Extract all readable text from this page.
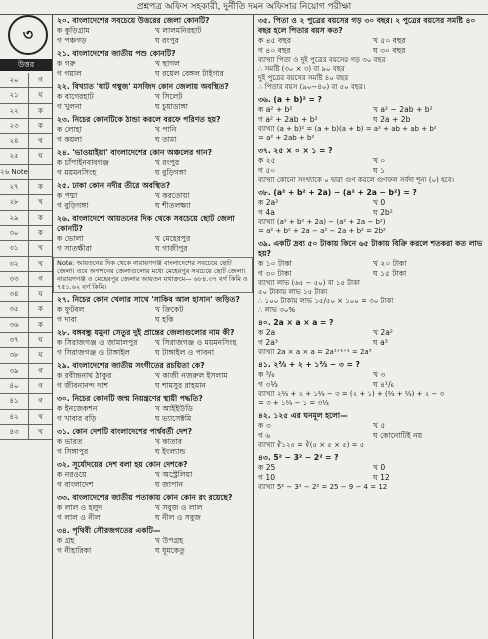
প্রশ্নপত্র অফিস সহকারী, দুর্নীতি দমন অফিসার নিয়োগ পরীক্ষা
৩
উত্তর
২০	গ
২১	ঘ
২২	ক
২৩	ক
২৪	খ
২৫	ঘ
২৬ Note
২৭	ক
২৮	খ
২৯	ক
৩০	ক
৩১	খ
৩২	খ
৩৩	গ
৩৪	ঘ
৩৫	ক
৩৬	ক
৩৭	ঘ
৩৮	ঘ
৩৯	গ
৪০	গ
৪১	গ
৪২	খ
৪৩	খ
২০. বাংলাদেশের সবচেয়ে উত্তরের জেলা কোনটি?
ক কুড়িগ্রাম	খ লালমনিরহাট
গ পঞ্চগড়	ঘ রংপুর
২১. বাংলাদেশের জাতীয় পশু কোনটি?
ক গরু	খ ছাগল
গ গয়াল	ঘ রয়েল বেঙ্গল টাইগার
২২. বিখ্যাত 'ষাট গম্বুজ' মসজিদ কোন জেলায় অবস্থিত?
ক বাগেরহাট	খ সিলেট
গ খুলনা	ঘ চুয়াডাঙ্গা
২৩. নিচের কোনটিকে ঠান্ডা করলে বরফে পরিণত হয়?
ক লোহা	খ পানি
গ কয়লা	ঘ তামা
২৪. 'ভাওয়াইয়া' বাংলাদেশের কোন অঞ্চলের গান?
ক চাঁপাইনবাবগঞ্জ	খ রংপুর
গ ময়মনসিংহ	ঘ বুড়িগঙ্গা
২৫. ঢাকা কোন নদীর তীরে অবস্থিত?
ক পদ্মা	খ করতোয়া
গ বুড়িগঙ্গা	ঘ শীতলক্ষ্যা
২৬. বাংলাদেশে আয়তনের দিক থেকে সবচেয়ে ছোট জেলা কোনটি?
ক ভোলা	খ মেহেরপুর
গ সাতক্ষীরা	ঘ গাজীপুর
Note: আয়তনের দিক থেকে নারায়ণগঞ্জ বাংলাদেশের সবচেয়ে ছোট জেলা। তবে অপশনের জেলাগুলোর মধ্যে মেহেরপুর সবচেয়ে ছোট জেলা। নারায়ণগঞ্জ ও মেহেরপুর জেলার আয়তন যথাক্রমে— ৬৮৪.৩৭ বর্গ কিমি ও ৭৫১.৬২ বর্গ কিমি।
২৭. নিচের কোন খেলার সাথে 'সাকিব আল হাসান' জড়িত?
ক ফুটবল	খ ক্রিকেট
গ দাবা	ঘ হকি
২৮. বঙ্গবন্ধু যমুনা সেতুর দুই প্রান্তের জেলাগুলোর নাম কী?
ক সিরাজগঞ্জ ও জামালপুর	খ সিরাজগঞ্জ ও ময়মনসিংহ
গ সিরাজগঞ্জ ও টাঙ্গাইল	ঘ টাঙ্গাইল ও পাবনা
২৯. বাংলাদেশের জাতীয় সংগীতের রচয়িতা কে?
ক রবীন্দ্রনাথ ঠাকুর	খ কাজী নজরুল ইসলাম
গ জীবনানন্দ দাশ	ঘ শামসুর রাহমান
৩০. নিচের কোনটি জন্ম নিয়ন্ত্রণের স্থায়ী পদ্ধতি?
ক ইনজেকশন	খ আইইউডি
গ খাবার বড়ি	ঘ ভ্যাসেক্টমি
৩১. কোন দেশটি বাংলাদেশের পার্শ্ববর্তী দেশ?
ক ভারত	খ কাতার
গ সিঙ্গাপুর	ঘ ইংল্যান্ড
৩২. সূর্যোদয়ের দেশ বলা হয় কোন দেশকে?
ক নরওয়ে	খ অস্ট্রেলিয়া
গ বাংলাদেশ	ঘ জাপান
৩৩. বাংলাদেশের জাতীয় পতাকায় কোন কোন রং রয়েছে?
ক লাল ও হলুদ	খ সবুজ ও লাল
গ লাল ও নীল	ঘ নীল ও সবুজ
৩৪. পৃথিবী সৌরজগতের একটি—
ক গ্রহ	খ উপগ্রহ
গ নীহারিকা	ঘ ধূমকেতু
৩৫. পিতা ও ২ পুত্রের বয়সের গড় ৩০ বছর। ২ পুত্রের বয়সের সমষ্টি ৪০ বছর হলে পিতার বয়স কত?
ক ৪৫ বছর	খ ৫০ বছর
গ ৪০ বছর	ঘ ৩০ বছর
ব্যাখ্যা পিতা ও দুই পুত্রের বয়সের গড় ৩০ বছর
∴ সমষ্টি (৩০ × ৩) বা ৯০ বছর
দুই পুত্রের বয়সের সমষ্টি ৪০ বছর
∴ পিতার বয়স (৯০−৪০) বা ৫০ বছর।
৩৬. (a + b)² = ?
ক a² + b²	খ a² − 2ab + b²
গ a² + 2ab + b²	ঘ 2a + 2b
ব্যাখ্যা (a + b)² = (a + b)(a + b) = a² + ab + ab + b²
= a² + 2ab + b²
৩৭. ২৫ × ০ × ১ = ?
ক ২৫	খ ০
গ ৫০	ঘ ১
ব্যাখ্যা কোনো সংখ্যাকে ০ দ্বারা গুণ করলে গুণফল সর্বদা শূন্য (০) হবে।
৩৮. (a² + b² + 2a) − (a² + 2a − b²) = ?
ক 2a²	খ 0
গ 4a	ঘ 2b²
ব্যাখ্যা (a² + b² + 2a) − (a² + 2a − b²)
= a² + b² + 2a − a² − 2a + b² = 2b²
৩৯. একটি দ্রব্য ৫০ টাকায় কিনে ৬৫ টাকায় বিক্রি করলে শতকরা কত লাভ হয়?
ক ১০ টাকা	খ ২০ টাকা
গ ৩০ টাকা	ঘ ১৫ টাকা
ব্যাখ্যা লাভ (৬৫ − ৫০) বা ১৫ টাকা
৫০ টাকায় লাভ ১৫ টাকা
∴ ১০০ টাকায় লাভ ১৫/৫০ × ১০০ = ৩০ টাকা
∴ লাভ ৩০%
৪০. 2a × a × a = ?
ক 2a	খ 2a²
গ 2a³	ঘ a³
ব্যাখ্যা 2a × a × a = 2a¹⁺¹⁺¹ = 2a³
৪১. ২⅔ + ২ + ১⅔ − ৩ = ?
ক ³/₆	খ ৩
গ ৩⅓	ঘ ৪¹/₆
ব্যাখ্যা ২⅔ + ২ + ১⅔ − ৩ = (২ + ১) + (⅔ + ⅔) + ২ − ৩
= ৩ + ১⅓ − ১ = ৩⅓
৪২. ১২৫ এর ঘনমূল হলো—
ক ৩	খ ৫
গ ৬	ঘ কোনোটিই নয়
ব্যাখ্যা ∛১২৫ = ∛(৫ × ৫ × ৫) = ৫
৪৩. 5² − 3² − 2² = ?
ক 25	খ 0
গ 10	ঘ 12
ব্যাখ্যা 5² − 3² − 2² = 25 − 9 − 4 = 12
